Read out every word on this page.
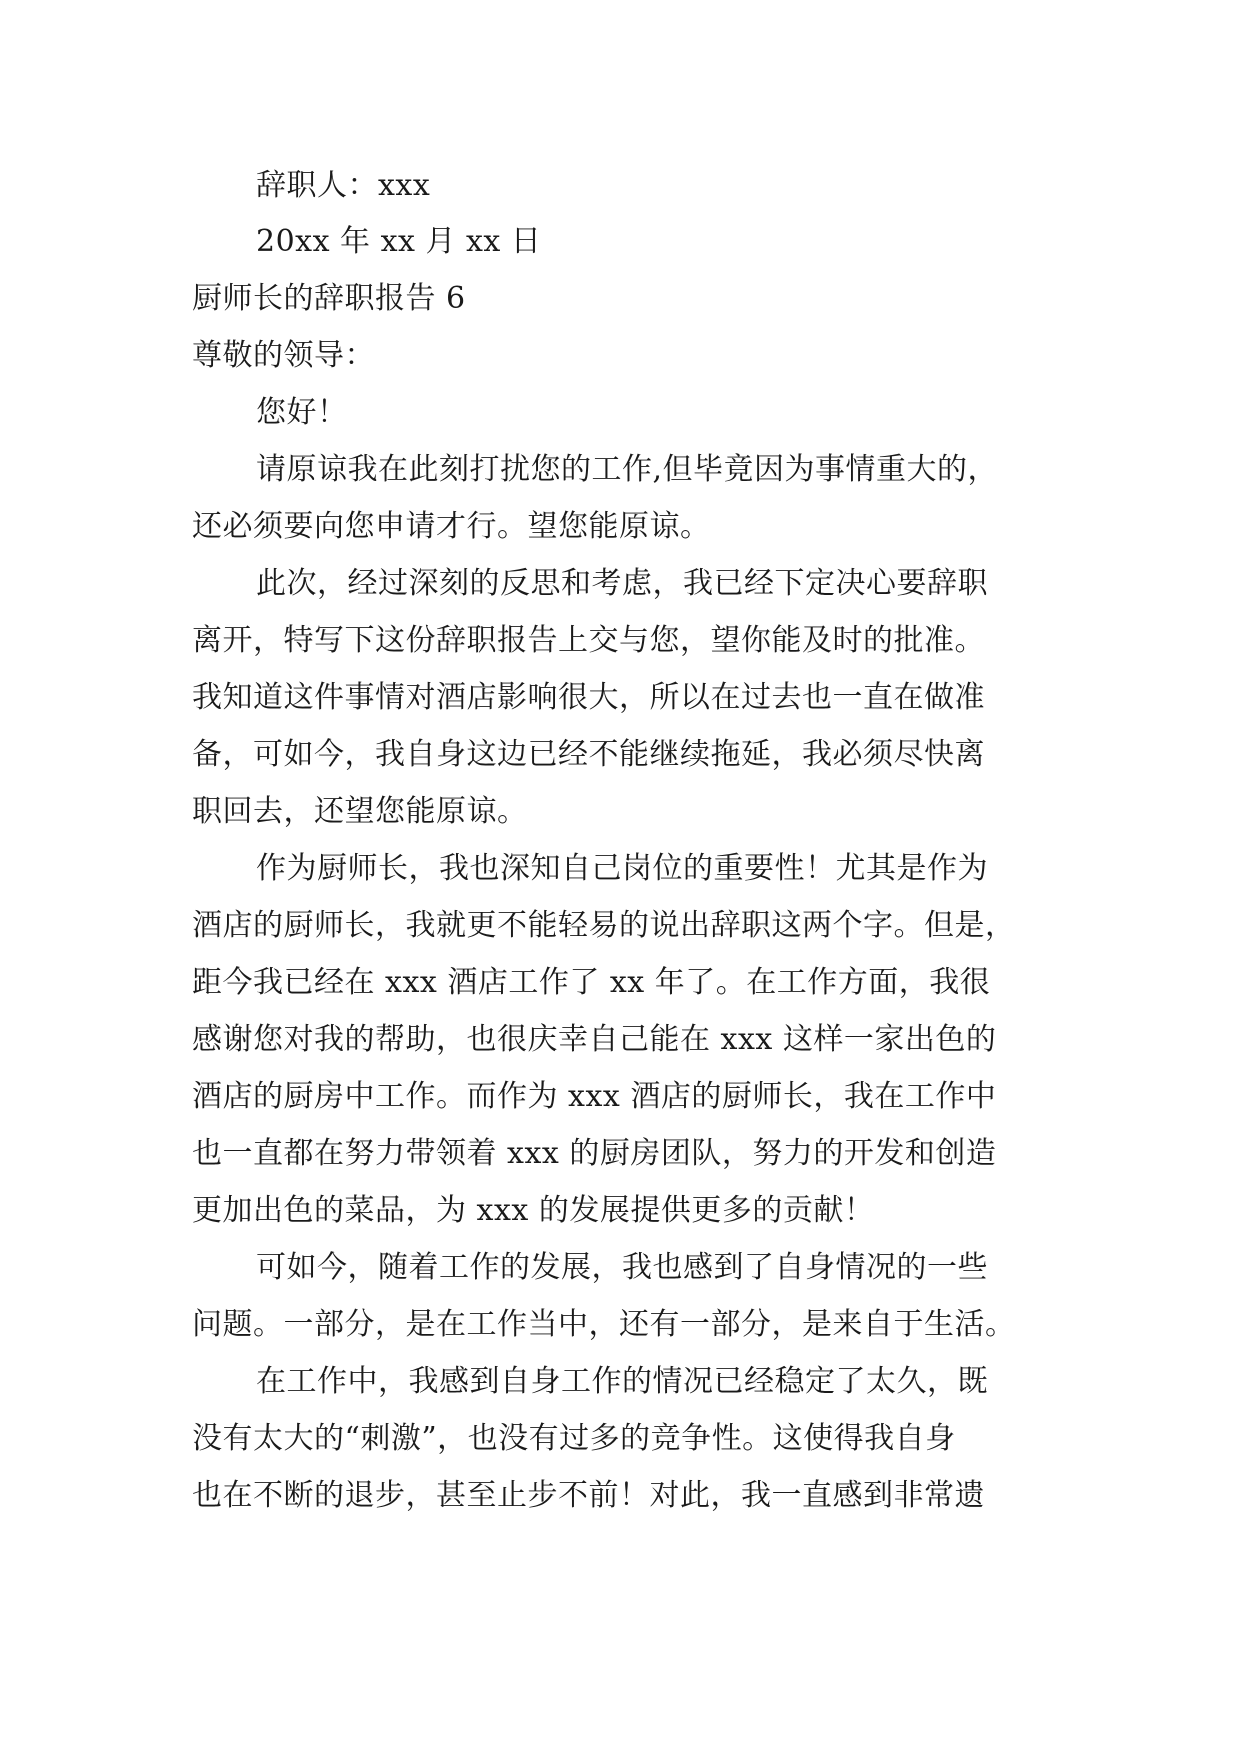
辞职人：xxx
20xx 年 xx 月 xx 日
厨师长的辞职报告 6
尊敬的领导：
您好！
请原谅我在此刻打扰您的工作,但毕竟因为事情重大的，
还必须要向您申请才行。望您能原谅。
此次，经过深刻的反思和考虑，我已经下定决心要辞职
离开，特写下这份辞职报告上交与您，望你能及时的批准。
我知道这件事情对酒店影响很大，所以在过去也一直在做准
备，可如今，我自身这边已经不能继续拖延，我必须尽快离
职回去，还望您能原谅。
作为厨师长，我也深知自己岗位的重要性！尤其是作为
酒店的厨师长，我就更不能轻易的说出辞职这两个字。但是，
距今我已经在 xxx 酒店工作了 xx 年了。在工作方面，我很
感谢您对我的帮助，也很庆幸自己能在 xxx 这样一家出色的
酒店的厨房中工作。而作为 xxx 酒店的厨师长，我在工作中
也一直都在努力带领着 xxx 的厨房团队，努力的开发和创造
更加出色的菜品，为 xxx 的发展提供更多的贡献！
可如今，随着工作的发展，我也感到了自身情况的一些
问题。一部分，是在工作当中，还有一部分，是来自于生活。
在工作中，我感到自身工作的情况已经稳定了太久，既
没有太大的“刺激”，也没有过多的竞争性。这使得我自身
也在不断的退步，甚至止步不前！对此，我一直感到非常遗
